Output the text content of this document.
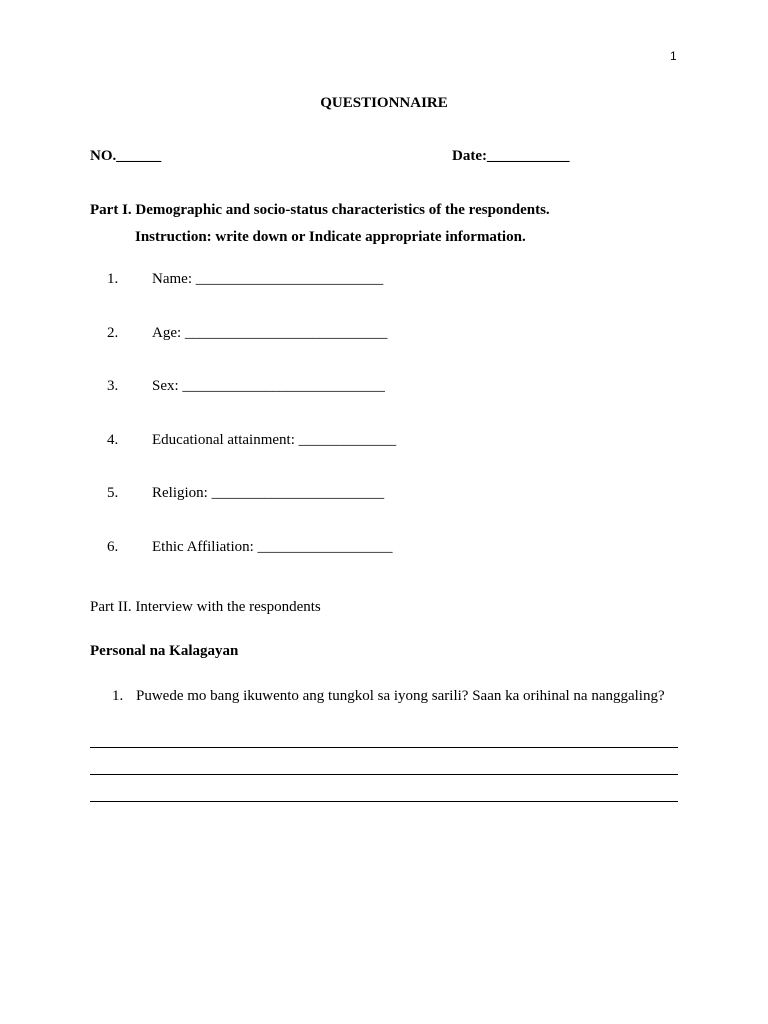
1
QUESTIONNAIRE
NO.______	Date:___________
Part I. Demographic and socio-status characteristics of the respondents.
Instruction: write down or Indicate appropriate information.
1. Name: _________________________
2. Age: ___________________________
3. Sex: ___________________________
4. Educational attainment: _____________
5. Religion: _______________________
6. Ethic Affiliation: __________________
Part II. Interview with the respondents
Personal na Kalagayan
1. Puwede mo bang ikuwento ang tungkol sa iyong sarili? Saan ka orihinal na nanggaling?
